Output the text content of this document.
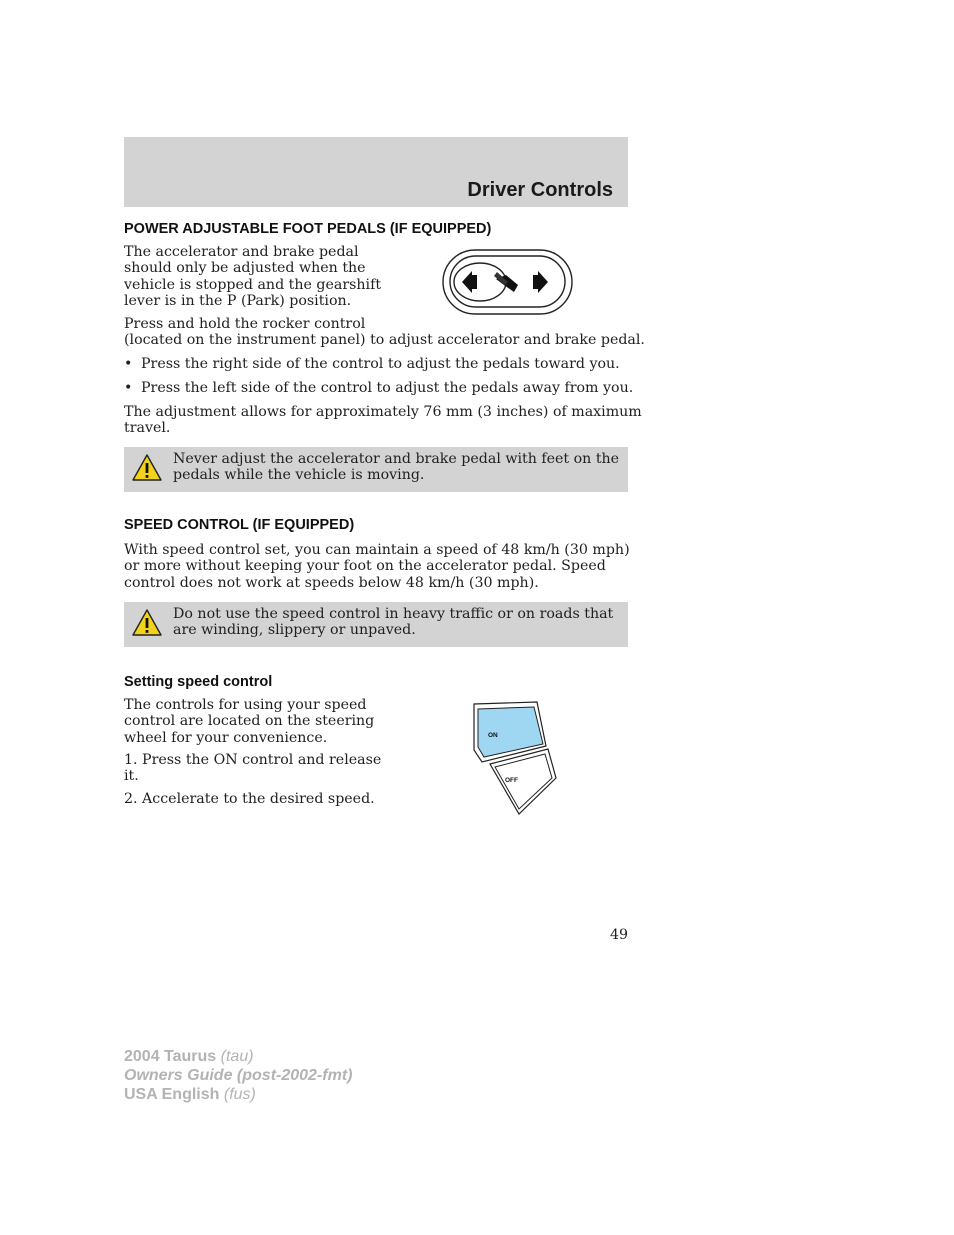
Driver Controls
POWER ADJUSTABLE FOOT PEDALS (IF EQUIPPED)
The accelerator and brake pedal
should only be adjusted when the
vehicle is stopped and the gearshift
lever is in the P (Park) position.
Press and hold the rocker control
(located on the instrument panel) to adjust accelerator and brake pedal.
• Press the right side of the control to adjust the pedals toward you.
• Press the left side of the control to adjust the pedals away from you.
The adjustment allows for approximately 76 mm (3 inches) of maximum
travel.
Never adjust the accelerator and brake pedal with feet on the
pedals while the vehicle is moving.
SPEED CONTROL (IF EQUIPPED)
With speed control set, you can maintain a speed of 48 km/h (30 mph)
or more without keeping your foot on the accelerator pedal. Speed
control does not work at speeds below 48 km/h (30 mph).
Do not use the speed control in heavy traffic or on roads that
are winding, slippery or unpaved.
Setting speed control
The controls for using your speed
control are located on the steering
wheel for your convenience.
1. Press the ON control and release
it.
2. Accelerate to the desired speed.
ON
OFF
49
2004 Taurus (tau)
Owners Guide (post-2002-fmt)
USA English (fus)
